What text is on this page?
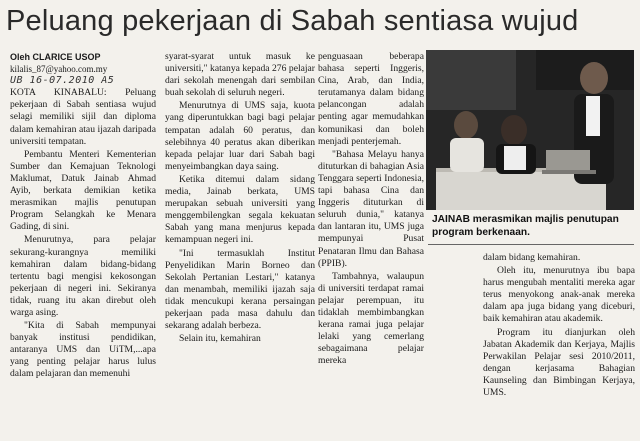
Peluang pekerjaan di Sabah sentiasa wujud
Oleh CLARICE USOP
kilalis_87@yahoo.com.my
UB 16-07.2010 A5

KOTA KINABALU: Peluang pekerjaan di Sabah sentiasa wujud selagi memiliki sijil dan diploma dalam kemahiran atau ijazah daripada universiti tempatan.

Pembantu Menteri Kementerian Sumber dan Kemajuan Teknologi Maklumat, Datuk Jainab Ahmad Ayib, berkata demikian ketika merasmikan majlis penutupan Program Selangkah ke Menara Gading, di sini.

Menurutnya, para pelajar sekurang-kurangnya memiliki kemahiran dalam bidang-bidang tertentu bagi mengisi kekosongan pekerjaan di negeri ini. Sekiranya tidak, ruang itu akan direbut oleh warga asing.

"Kita di Sabah mempunyai banyak institusi pendidikan, antaranya UMS dan UiTM,...apa yang penting pelajar harus lulus dalam pelajaran dan memenuhi

syarat-syarat untuk masuk ke universiti," katanya kepada 276 pelajar dari sekolah menengah dari sembilan buah sekolah di seluruh negeri.

Menurutnya di UMS saja, kuota yang diperuntukkan bagi bagi pelajar tempatan adalah 60 peratus, dan selebihnya 40 peratus akan diberikan kepada pelajar luar dari Sabah bagi menyeimbangkan daya saing.

Ketika ditemui dalam sidang media, Jainab berkata, UMS merupakan sebuah universiti yang menggembilengkan segala kekuatan Sabah yang mana menjurus kepada kemampuan negeri ini.

"Ini termasuklah Institut Penyelidikan Marin Borneo dan Sekolah Pertanian Lestari," katanya dan menambah, memiliki ijazah saja tidak mencukupi kerana persaingan pekerjaan pada masa dahulu dan sekarang adalah berbeza.

Selain itu, kemahiran

penguasaan beberapa bahasa seperti Inggeris, Cina, Arab, dan India, terutamanya dalam bidang pelancongan adalah penting agar memudahkan komunikasi dan boleh menjadi penterjemah.

"Bahasa Melayu hanya dituturkan di bahagian Asia Tenggara seperti Indonesia, tapi bahasa Cina dan Inggeris dituturkan di seluruh dunia," katanya dan lantaran itu, UMS juga mempunyai Pusat Penataran Ilmu dan Bahasa (PPIB).

Tambahnya, walaupun di universiti terdapat ramai pelajar perempuan, itu tidaklah membimbangkan kerana ramai juga pelajar lelaki yang cemerlang sebagaimana pelajar mereka

JAINAB merasmikan majlis penutupan program berkenaan.

dalam bidang kemahiran.

Oleh itu, menurutnya ibu bapa harus mengubah mentaliti mereka agar terus menyokong anak-anak mereka dalam apa juga bidang yang diceburi, baik kemahiran atau akademik.

Program itu dianjurkan oleh Jabatan Akademik dan Kerjaya, Majlis Perwakilan Pelajar sesi 2010/2011, dengan kerjasama Bahagian Kaunseling dan Bimbingan Kerjaya, UMS.
